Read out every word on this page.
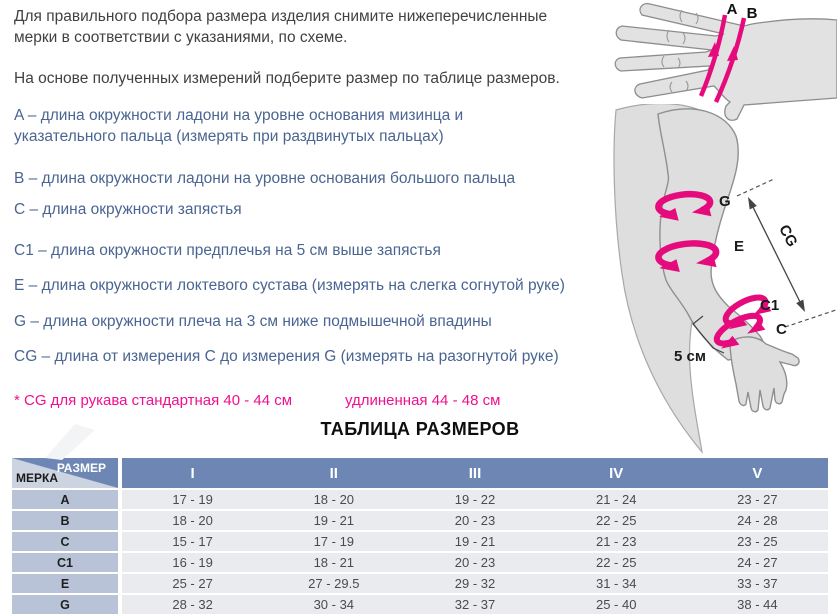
Для правильного подбора размера изделия снимите нижеперечисленные мерки в соответствии с указаниями, по схеме.
На основе полученных измерений подберите размер по таблице размеров.
A – длина окружности ладони на уровне основания мизинца и указательного пальца (измерять при раздвинутых пальцах)
B – длина окружности ладони на уровне основания большого пальца
C – длина окружности запястья
C1 – длина окружности предплечья на 5 см выше запястья
E – длина окружности локтевого сустава (измерять на слегка согнутой руке)
G – длина окружности плеча на 3 см ниже подмышечной впадины
CG – длина от измерения C до измерения G (измерять на разогнутой руке)
* CG для рукава стандартная 40 - 44 см	удлиненная 44 - 48 см
ТАБЛИЦА РАЗМЕРОВ
РАЗМЕР
МЕРКА	I	II	III	IV	V
A	17 - 19	18 - 20	19 - 22	21 - 24	23 - 27
B	18 - 20	19 - 21	20 - 23	22 - 25	24 - 28
C	15 - 17	17 - 19	19 - 21	21 - 23	23 - 25
C1	16 - 19	18 - 21	20 - 23	22 - 25	24 - 27
E	25 - 27	27 - 29.5	29 - 32	31 - 34	33 - 37
G	28 - 32	30 - 34	32 - 37	25 - 40	38 - 44
A B
G
E
C1
C
CG
5 см
